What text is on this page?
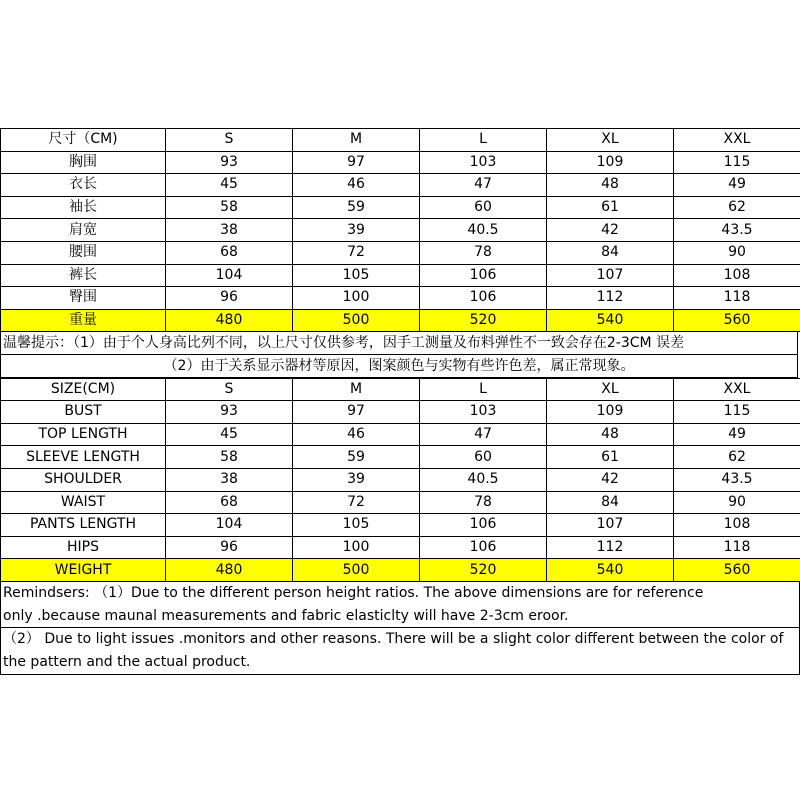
尺寸（CM)	S	M	L	XL	XXL
胸围	93	97	103	109	115
衣长	45	46	47	48	49
袖长	58	59	60	61	62
肩宽	38	39	40.5	42	43.5
腰围	68	72	78	84	90
裤长	104	105	106	107	108
臀围	96	100	106	112	118
重量	480	500	520	540	560
温馨提示：（1）由于个人身高比列不同，以上尺寸仅供参考，因手工测量及布料弹性不一致会存在2-3CM 误差
（2）由于关系显示器材等原因，图案颜色与实物有些许色差，属正常现象。
SIZE(CM)	S	M	L	XL	XXL
BUST	93	97	103	109	115
TOP LENGTH	45	46	47	48	49
SLEEVE LENGTH	58	59	60	61	62
SHOULDER	38	39	40.5	42	43.5
WAIST	68	72	78	84	90
PANTS LENGTH	104	105	106	107	108
HIPS	96	100	106	112	118
WEIGHT	480	500	520	540	560
Remindsers: （1）Due to the different person height ratios. The above dimensions are for reference
only .because maunal measurements and fabric elasticlty will have 2-3cm eroor.
（2） Due to light issues .monitors and other reasons. There will be a slight color different between the color of
the pattern and the actual product.
